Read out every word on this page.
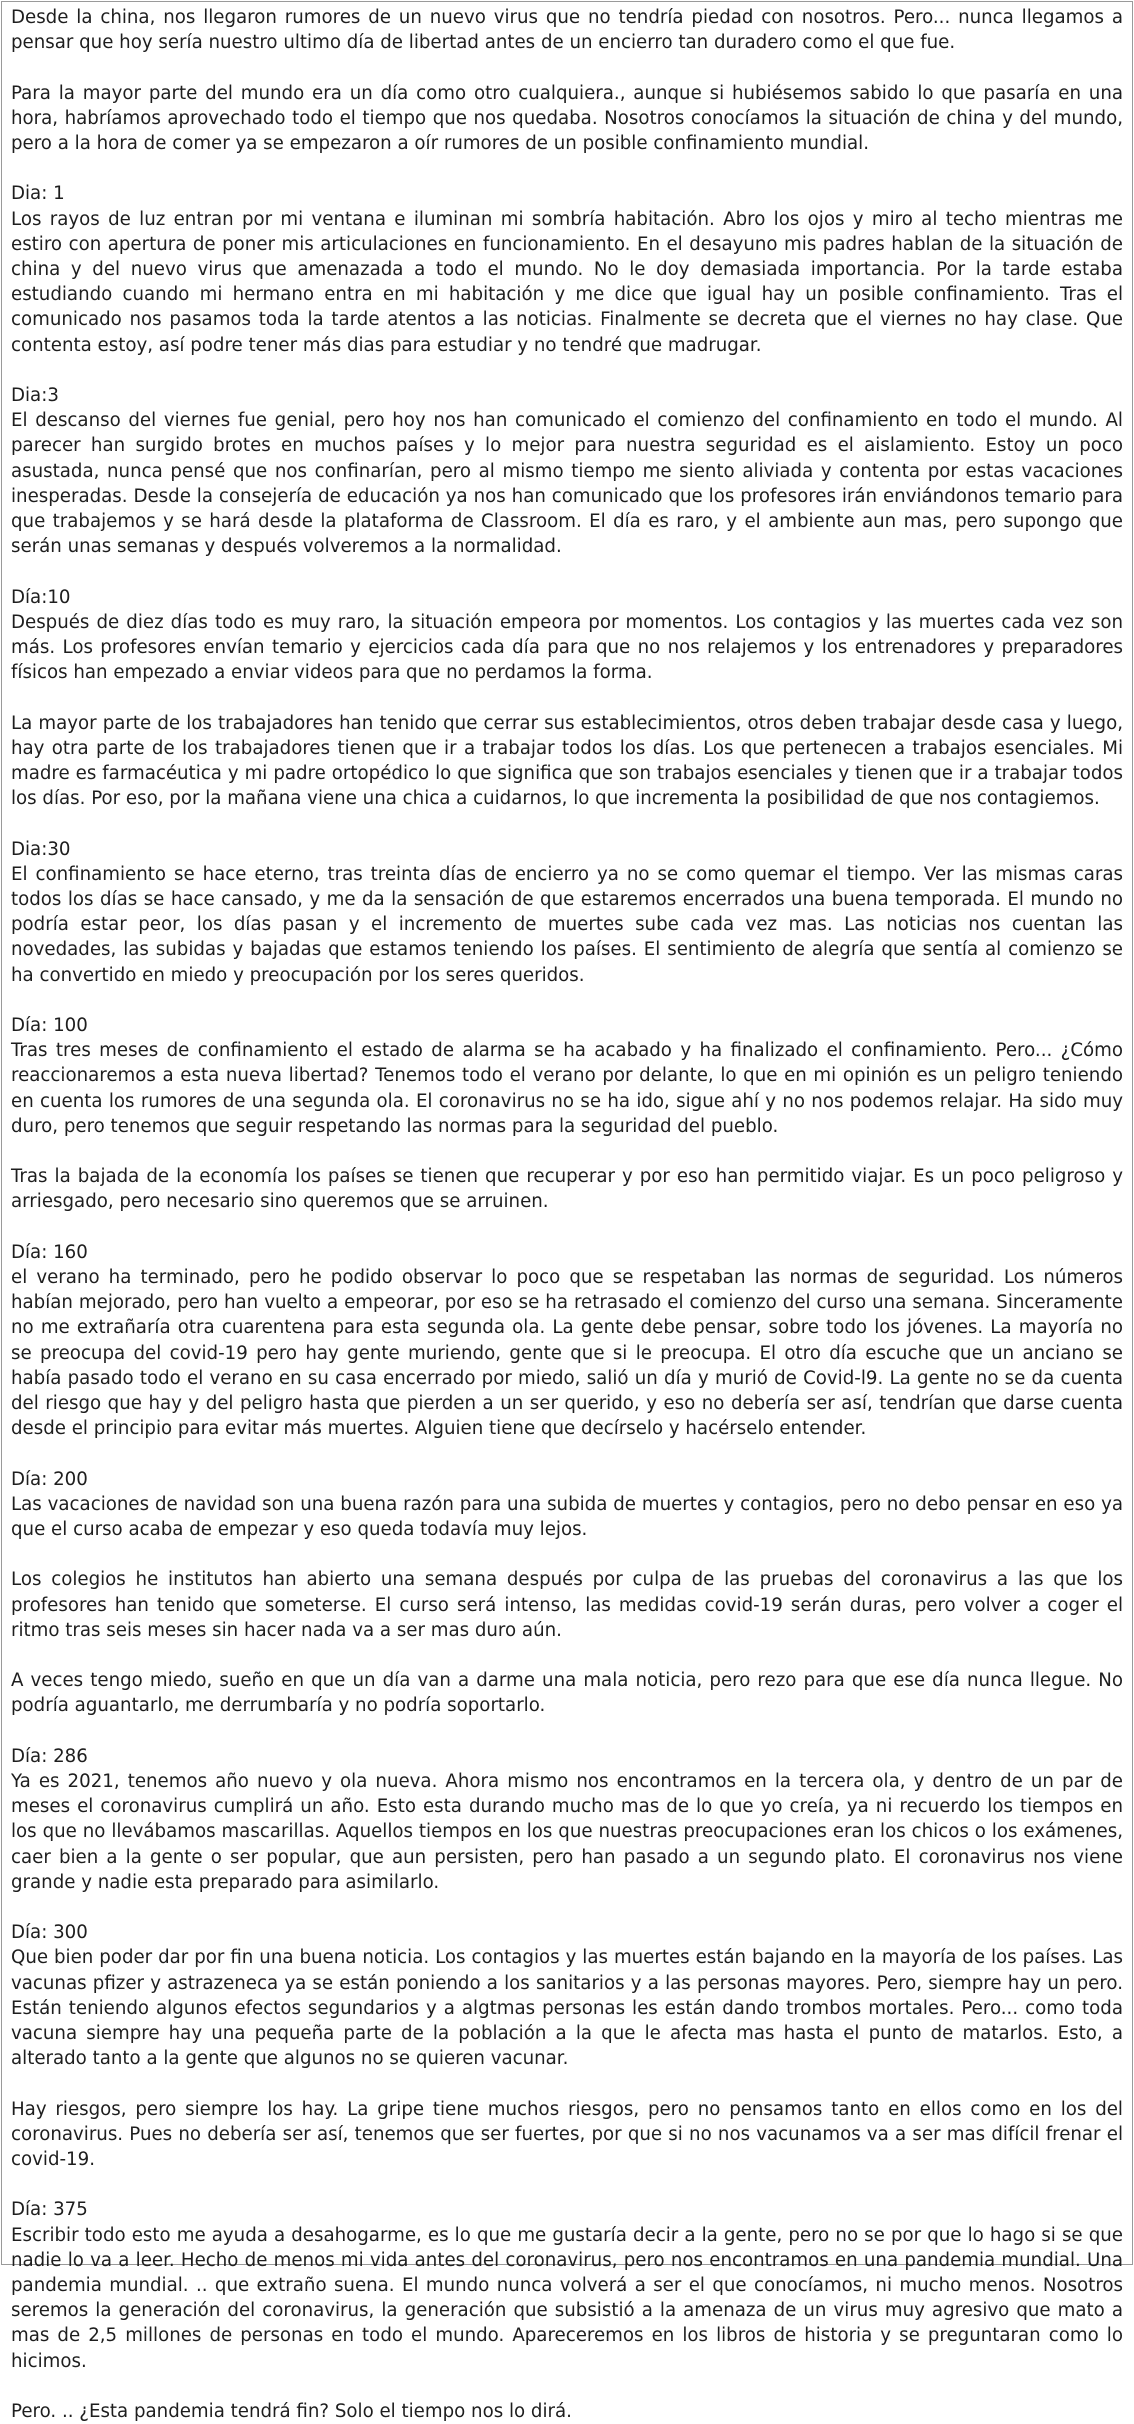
Desde la china, nos llegaron rumores de un nuevo virus que no tendría piedad con nosotros. Pero... nunca llegamos a pensar que hoy sería nuestro ultimo día de libertad antes de un encierro tan duradero como el que fue.
Para la mayor parte del mundo era un día como otro cualquiera., aunque si hubiésemos sabido lo que pasaría en una hora, habríamos aprovechado todo el tiempo que nos quedaba. Nosotros conocíamos la situación de china y del mundo, pero a la hora de comer ya se empezaron a oír rumores de un posible confinamiento mundial.
Dia: 1
Los rayos de luz entran por mi ventana e iluminan mi sombría habitación. Abro los ojos y miro al techo mientras me estiro con apertura de poner mis articulaciones en funcionamiento. En el desayuno mis padres hablan de la situación de china y del nuevo virus que amenazada a todo el mundo. No le doy demasiada importancia. Por la tarde estaba estudiando cuando mi hermano entra en mi habitación y me dice que igual hay un posible confinamiento. Tras el comunicado nos pasamos toda la tarde atentos a las noticias. Finalmente se decreta que el viernes no hay clase. Que contenta estoy, así podre tener más dias para estudiar y no tendré que madrugar.
Dia:3
El descanso del viernes fue genial, pero hoy nos han comunicado el comienzo del confinamiento en todo el mundo. Al parecer han surgido brotes en muchos países y lo mejor para nuestra seguridad es el aislamiento. Estoy un poco asustada, nunca pensé que nos confinarían, pero al mismo tiempo me siento aliviada y contenta por estas vacaciones inesperadas. Desde la consejería de educación ya nos han comunicado que los profesores irán enviándonos temario para que trabajemos y se hará desde la plataforma de Classroom. El día es raro, y el ambiente aun mas, pero supongo que serán unas semanas y después volveremos a la normalidad.
Día:10
Después de diez días todo es muy raro, la situación empeora por momentos. Los contagios y las muertes cada vez son más. Los profesores envían temario y ejercicios cada día para que no nos relajemos y los entrenadores y preparadores físicos han empezado a enviar videos para que no perdamos la forma.
La mayor parte de los trabajadores han tenido que cerrar sus establecimientos, otros deben trabajar desde casa y luego, hay otra parte de los trabajadores tienen que ir a trabajar todos los días. Los que pertenecen a trabajos esenciales. Mi madre es farmacéutica y mi padre ortopédico lo que significa que son trabajos esenciales y tienen que ir a trabajar todos los días. Por eso, por la mañana viene una chica a cuidarnos, lo que incrementa la posibilidad de que nos contagiemos.
Dia:30
El confinamiento se hace eterno, tras treinta días de encierro ya no se como quemar el tiempo. Ver las mismas caras todos los días se hace cansado, y me da la sensación de que estaremos encerrados una buena temporada. El mundo no podría estar peor, los días pasan y el incremento de muertes sube cada vez mas. Las noticias nos cuentan las novedades, las subidas y bajadas que estamos teniendo los países. El sentimiento de alegría que sentía al comienzo se ha convertido en miedo y preocupación por los seres queridos.
Día: 100
Tras tres meses de confinamiento el estado de alarma se ha acabado y ha finalizado el confinamiento. Pero... ¿Cómo reaccionaremos a esta nueva libertad? Tenemos todo el verano por delante, lo que en mi opinión es un peligro teniendo en cuenta los rumores de una segunda ola. El coronavirus no se ha ido, sigue ahí y no nos podemos relajar. Ha sido muy duro, pero tenemos que seguir respetando las normas para la seguridad del pueblo.
Tras la bajada de la economía los países se tienen que recuperar y por eso han permitido viajar. Es un poco peligroso y arriesgado, pero necesario sino queremos que se arruinen.
Día: 160
el verano ha terminado, pero he podido observar lo poco que se respetaban las normas de seguridad. Los números habían mejorado, pero han vuelto a empeorar, por eso se ha retrasado el comienzo del curso una semana. Sinceramente no me extrañaría otra cuarentena para esta segunda ola. La gente debe pensar, sobre todo los jóvenes. La mayoría no se preocupa del covid-19 pero hay gente muriendo, gente que si le preocupa. El otro día escuche que un anciano se había pasado todo el verano en su casa encerrado por miedo, salió un día y murió de Covid-l9. La gente no se da cuenta del riesgo que hay y del peligro hasta que pierden a un ser querido, y eso no debería ser así, tendrían que darse cuenta desde el principio para evitar más muertes. Alguien tiene que decírselo y hacérselo entender.
Día: 200
Las vacaciones de navidad son una buena razón para una subida de muertes y contagios, pero no debo pensar en eso ya que el curso acaba de empezar y eso queda todavía muy lejos.
Los colegios he institutos han abierto una semana después por culpa de las pruebas del coronavirus a las que los profesores han tenido que someterse. El curso será intenso, las medidas covid-19 serán duras, pero volver a coger el ritmo tras seis meses sin hacer nada va a ser mas duro aún.
A veces tengo miedo, sueño en que un día van a darme una mala noticia, pero rezo para que ese día nunca llegue. No podría aguantarlo, me derrumbaría y no podría soportarlo.
Día: 286
Ya es 2021, tenemos año nuevo y ola nueva. Ahora mismo nos encontramos en la tercera ola, y dentro de un par de meses el coronavirus cumplirá un año. Esto esta durando mucho mas de lo que yo creía, ya ni recuerdo los tiempos en los que no llevábamos mascarillas. Aquellos tiempos en los que nuestras preocupaciones eran los chicos o los exámenes, caer bien a la gente o ser popular, que aun persisten, pero han pasado a un segundo plato. El coronavirus nos viene grande y nadie esta preparado para asimilarlo.
Día: 300
Que bien poder dar por fin una buena noticia. Los contagios y las muertes están bajando en la mayoría de los países. Las vacunas pfizer y astrazeneca ya se están poniendo a los sanitarios y a las personas mayores. Pero, siempre hay un pero. Están teniendo algunos efectos segundarios y a algtmas personas les están dando trombos mortales. Pero... como toda vacuna siempre hay una pequeña parte de la población a la que le afecta mas hasta el punto de matarlos. Esto, a alterado tanto a la gente que algunos no se quieren vacunar.
Hay riesgos, pero siempre los hay. La gripe tiene muchos riesgos, pero no pensamos tanto en ellos como en los del coronavirus. Pues no debería ser así, tenemos que ser fuertes, por que si no nos vacunamos va a ser mas difícil frenar el covid-19.
Día: 375
Escribir todo esto me ayuda a desahogarme, es lo que me gustaría decir a la gente, pero no se por que lo hago si se que nadie lo va a leer. Hecho de menos mi vida antes del coronavirus, pero nos encontramos en una pandemia mundial. Una pandemia mundial. .. que extraño suena. El mundo nunca volverá a ser el que conocíamos, ni mucho menos. Nosotros seremos la generación del coronavirus, la generación que subsistió a la amenaza de un virus muy agresivo que mato a mas de 2,5 millones de personas en todo el mundo. Apareceremos en los libros de historia y se preguntaran como lo hicimos.
Pero. .. ¿Esta pandemia tendrá fin? Solo el tiempo nos lo dirá.
